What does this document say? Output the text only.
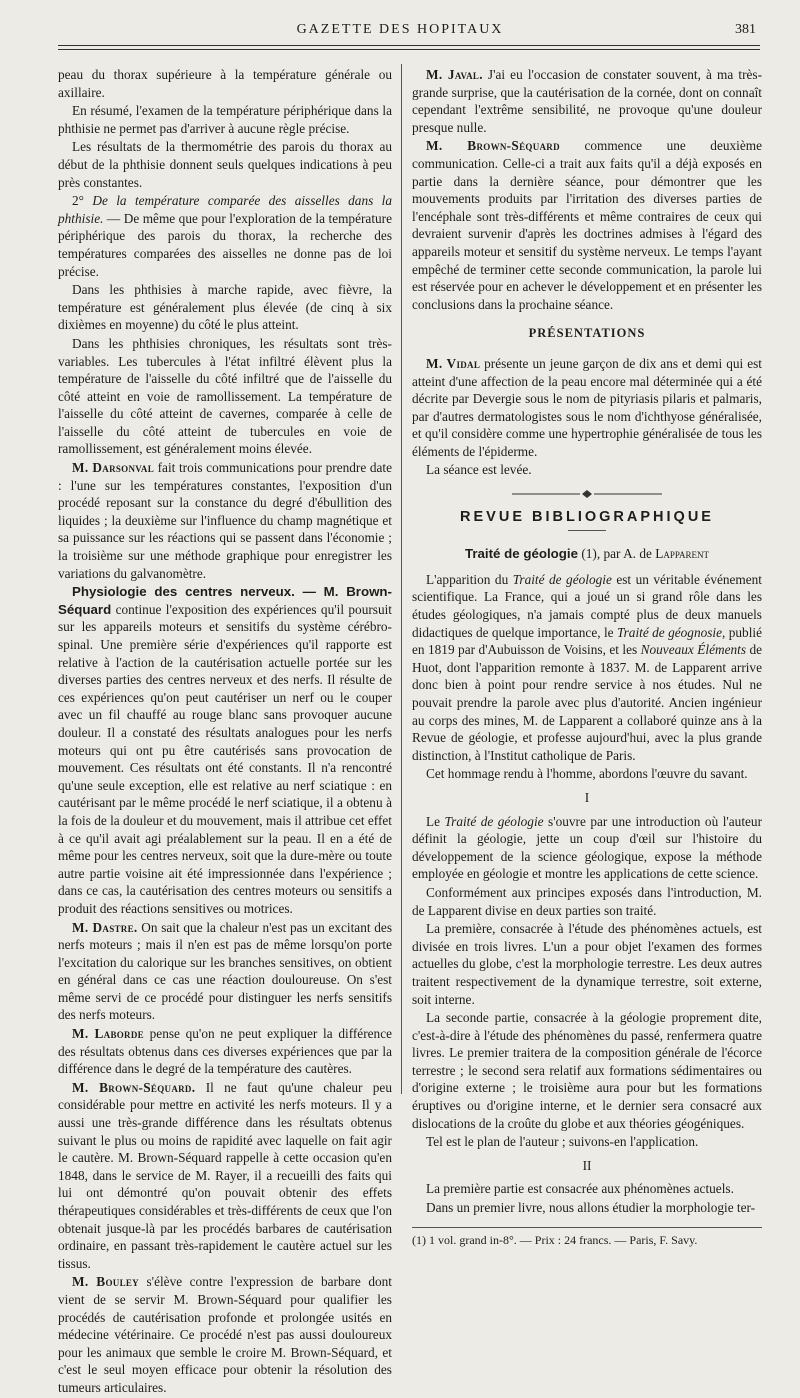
GAZETTE DES HOPITAUX	381

peau du thorax supérieure à la température générale ou axillaire.

En résumé, l'examen de la température périphérique dans la phthisie ne permet pas d'arriver à aucune règle précise.

Les résultats de la thermométrie des parois du thorax au début de la phthisie donnent seuls quelques indications à peu près constantes.

2° De la température comparée des aisselles dans la phthisie. — De même que pour l'exploration de la température périphérique des parois du thorax, la recherche des températures comparées des aisselles ne donne pas de loi précise.

Dans les phthisies à marche rapide, avec fièvre, la température est généralement plus élevée (de cinq à six dixièmes en moyenne) du côté le plus atteint.

Dans les phthisies chroniques, les résultats sont très-variables. Les tubercules à l'état infiltré élèvent plus la température de l'aisselle du côté infiltré que de l'aisselle du côté atteint en voie de ramollissement. La température de l'aisselle du côté atteint de cavernes, comparée à celle de l'aisselle du côté atteint de tubercules en voie de ramollissement, est généralement moins élevée.

M. Darsonval fait trois communications pour prendre date : l'une sur les températures constantes, l'exposition d'un procédé reposant sur la constance du degré d'ébullition des liquides ; la deuxième sur l'influence du champ magnétique et sa puissance sur les réactions qui se passent dans l'économie ; la troisième sur une méthode graphique pour enregistrer les variations du galvanomètre.

Physiologie des centres nerveux. — M. Brown-Séquard continue l'exposition des expériences qu'il poursuit sur les appareils moteurs et sensitifs du système cérébro-spinal. Une première série d'expériences qu'il rapporte est relative à l'action de la cautérisation actuelle portée sur les diverses parties des centres nerveux et des nerfs. Il résulte de ces expériences qu'on peut cautériser un nerf ou le couper avec un fil chauffé au rouge blanc sans provoquer aucune douleur. Il a constaté des résultats analogues pour les nerfs moteurs qui ont pu être cautérisés sans provocation de mouvement. Ces résultats ont été constants. Il n'a rencontré qu'une seule exception, elle est relative au nerf sciatique : en cautérisant par le même procédé le nerf sciatique, il a obtenu à la fois de la douleur et du mouvement, mais il attribue cet effet à ce qu'il avait agi préalablement sur la peau. Il en a été de même pour les centres nerveux, soit que la dure-mère ou toute autre partie voisine ait été impressionnée dans l'expérience ; dans ce cas, la cautérisation des centres moteurs ou sensitifs a produit des réactions sensitives ou motrices.

M. Dastre. On sait que la chaleur n'est pas un excitant des nerfs moteurs ; mais il n'en est pas de même lorsqu'on porte l'excitation du calorique sur les branches sensitives, on obtient en général dans ce cas une réaction douloureuse. On s'est même servi de ce procédé pour distinguer les nerfs sensitifs des nerfs moteurs.

M. Laborde pense qu'on ne peut expliquer la différence des résultats obtenus dans ces diverses expériences que par la différence dans le degré de la température des cautères.

M. Brown-Séquard. Il ne faut qu'une chaleur peu considérable pour mettre en activité les nerfs moteurs. Il y a aussi une très-grande différence dans les résultats obtenus suivant le plus ou moins de rapidité avec laquelle on fait agir le cautère. M. Brown-Séquard rappelle à cette occasion qu'en 1848, dans le service de M. Rayer, il a recueilli des faits qui lui ont démontré qu'on pouvait obtenir des effets thérapeutiques considérables et très-différents de ceux que l'on obtenait jusque-là par les procédés barbares de cautérisation ordinaire, en passant très-rapidement le cautère actuel sur les tissus.

M. Bouley s'élève contre l'expression de barbare dont vient de se servir M. Brown-Séquard pour qualifier les procédés de cautérisation profonde et prolongée usités en médecine vétérinaire. Ce procédé n'est pas aussi douloureux pour les animaux que semble le croire M. Brown-Séquard, et c'est le seul moyen efficace pour obtenir la résolution des tumeurs articulaires.

M. Javal. J'ai eu l'occasion de constater souvent, à ma très-grande surprise, que la cautérisation de la cornée, dont on connaît cependant l'extrême sensibilité, ne provoque qu'une douleur presque nulle.

M. Brown-Séquard commence une deuxième communication. Celle-ci a trait aux faits qu'il a déjà exposés en partie dans la dernière séance, pour démontrer que les mouvements produits par l'irritation des diverses parties de l'encéphale sont très-différents et même contraires de ceux qui devraient survenir d'après les doctrines admises à l'égard des appareils moteur et sensitif du système nerveux. Le temps l'ayant empêché de terminer cette seconde communication, la parole lui est réservée pour en achever le développement et en présenter les conclusions dans la prochaine séance.

PRÉSENTATIONS

M. Vidal présente un jeune garçon de dix ans et demi qui est atteint d'une affection de la peau encore mal déterminée qui a été décrite par Devergie sous le nom de pityriasis pilaris et palmaris, par d'autres dermatologistes sous le nom d'ichthyose généralisée, et qu'il considère comme une hypertrophie généralisée de tous les éléments de l'épiderme.

La séance est levée.

REVUE BIBLIOGRAPHIQUE

Traité de géologie (1), par A. de Lapparent

L'apparition du Traité de géologie est un véritable événement scientifique. La France, qui a joué un si grand rôle dans les études géologiques, n'a jamais compté plus de deux manuels didactiques de quelque importance, le Traité de géognosie, publié en 1819 par d'Aubuisson de Voisins, et les Nouveaux Éléments de Huot, dont l'apparition remonte à 1837. M. de Lapparent arrive donc bien à point pour rendre service à nos études. Nul ne pouvait prendre la parole avec plus d'autorité. Ancien ingénieur au corps des mines, M. de Lapparent a collaboré quinze ans à la Revue de géologie, et professe aujourd'hui, avec la plus grande distinction, à l'Institut catholique de Paris.

Cet hommage rendu à l'homme, abordons l'œuvre du savant.

I

Le Traité de géologie s'ouvre par une introduction où l'auteur définit la géologie, jette un coup d'œil sur l'histoire du développement de la science géologique, expose la méthode employée en géologie et montre les applications de cette science.

Conformément aux principes exposés dans l'introduction, M. de Lapparent divise en deux parties son traité.

La première, consacrée à l'étude des phénomènes actuels, est divisée en trois livres. L'un a pour objet l'examen des formes actuelles du globe, c'est la morphologie terrestre. Les deux autres traitent respectivement de la dynamique terrestre, soit externe, soit interne.

La seconde partie, consacrée à la géologie proprement dite, c'est-à-dire à l'étude des phénomènes du passé, renfermera quatre livres. Le premier traitera de la composition générale de l'écorce terrestre ; le second sera relatif aux formations sédimentaires ou d'origine externe ; le troisième aura pour but les formations éruptives ou d'origine interne, et le dernier sera consacré aux dislocations de la croûte du globe et aux théories géogéniques.

Tel est le plan de l'auteur ; suivons-en l'application.

II

La première partie est consacrée aux phénomènes actuels.

Dans un premier livre, nous allons étudier la morphologie ter-

(1) 1 vol. grand in-8°. — Prix : 24 francs. — Paris, F. Savy.
